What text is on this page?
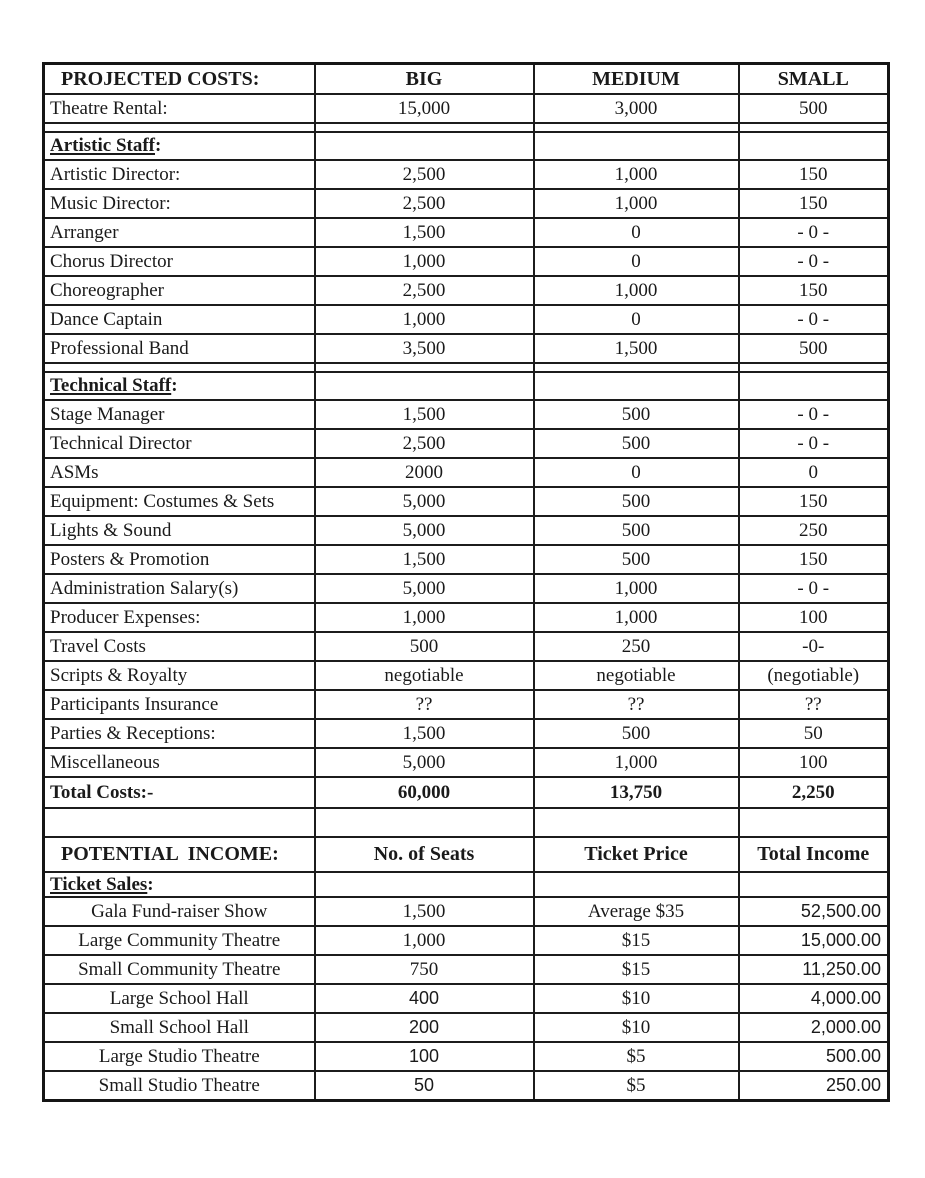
PROJECTED COSTS:	BIG	MEDIUM	SMALL
Theatre Rental:	15,000	3,000	500

Artistic Staff:			
Artistic Director:	2,500	1,000	150
Music Director:	2,500	1,000	150
Arranger	1,500	0	- 0 -
Chorus Director	1,000	0	- 0 -
Choreographer	2,500	1,000	150
Dance Captain	1,000	0	- 0 -
Professional Band	3,500	1,500	500

Technical Staff:			
Stage Manager	1,500	500	- 0 -
Technical Director	2,500	500	- 0 -
ASMs	2000	0	0
Equipment: Costumes & Sets	5,000	500	150
Lights & Sound	5,000	500	250
Posters & Promotion	1,500	500	150
Administration Salary(s)	5,000	1,000	- 0 -
Producer Expenses:	1,000	1,000	100
Travel Costs	500	250	-0-
Scripts & Royalty	negotiable	negotiable	(negotiable)
Participants Insurance	??	??	??
Parties & Receptions:	1,500	500	50
Miscellaneous	5,000	1,000	100
Total Costs:-	60,000	13,750	2,250

POTENTIAL  INCOME:	No. of Seats	Ticket Price	Total Income
Ticket Sales:			
Gala Fund-raiser Show	1,500	Average $35	52,500.00
Large Community Theatre	1,000	$15	15,000.00
Small Community Theatre	750	$15	11,250.00
Large School Hall	400	$10	4,000.00
Small School Hall	200	$10	2,000.00
Large Studio Theatre	100	$5	500.00
Small Studio Theatre	50	$5	250.00
